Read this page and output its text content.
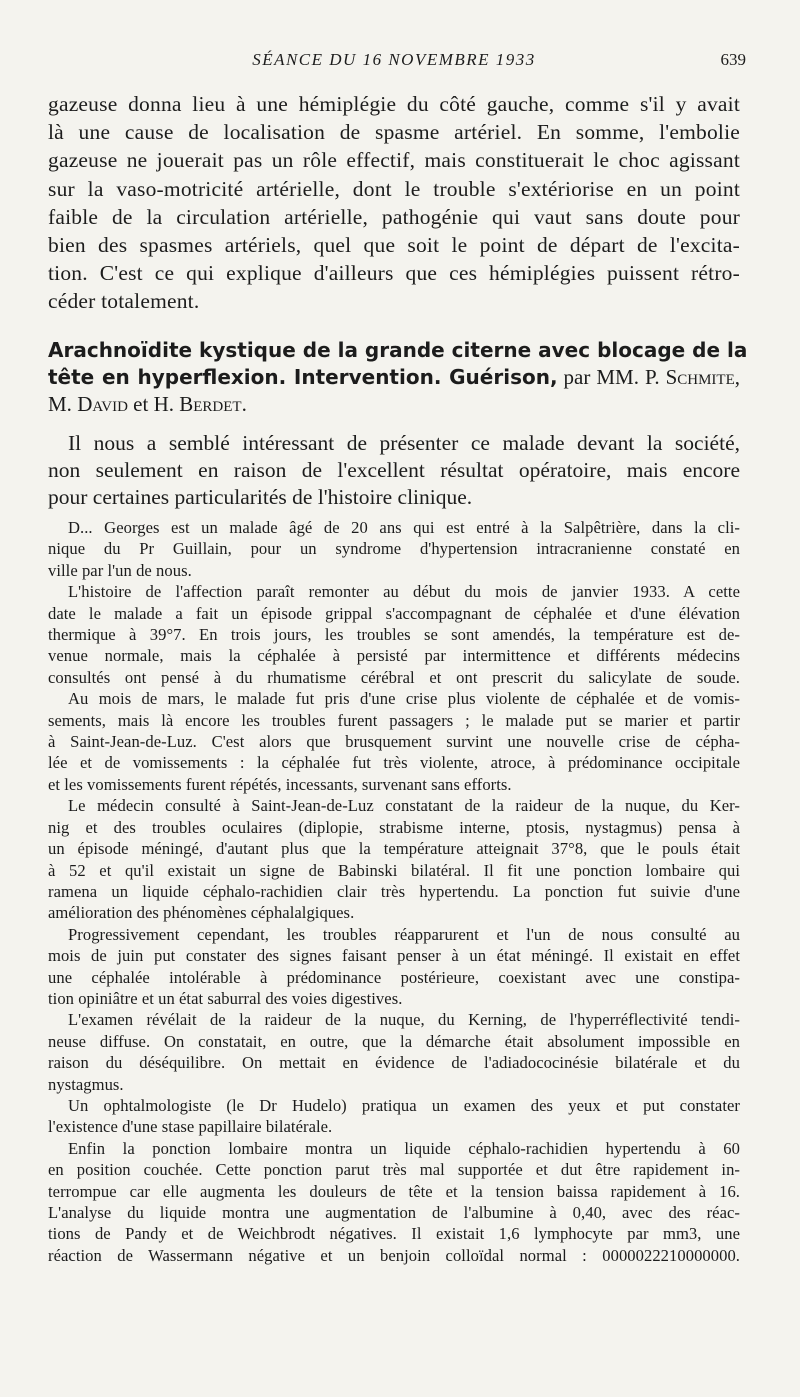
SÉANCE DU 16 NOVEMBRE 1933	639
gazeuse donna lieu à une hémiplégie du côté gauche, comme s'il y avait
là une cause de localisation de spasme artériel. En somme, l'embolie
gazeuse ne jouerait pas un rôle effectif, mais constituerait le choc agissant
sur la vaso-motricité artérielle, dont le trouble s'extériorise en un point
faible de la circulation artérielle, pathogénie qui vaut sans doute pour
bien des spasmes artériels, quel que soit le point de départ de l'excita-
tion. C'est ce qui explique d'ailleurs que ces hémiplégies puissent rétro-
céder totalement.
Arachnoïdite kystique de la grande citerne avec blocage de la
tête en hyperflexion. Intervention. Guérison, par MM. P. Schmite,
M. David et H. Berdet.
Il nous a semblé intéressant de présenter ce malade devant la société,
non seulement en raison de l'excellent résultat opératoire, mais encore
pour certaines particularités de l'histoire clinique.
D... Georges est un malade âgé de 20 ans qui est entré à la Salpêtrière, dans la cli-
nique du Pr Guillain, pour un syndrome d'hypertension intracranienne constaté en
ville par l'un de nous.
L'histoire de l'affection paraît remonter au début du mois de janvier 1933. A cette
date le malade a fait un épisode grippal s'accompagnant de céphalée et d'une élévation
thermique à 39°7. En trois jours, les troubles se sont amendés, la température est de-
venue normale, mais la céphalée à persisté par intermittence et différents médecins
consultés ont pensé à du rhumatisme cérébral et ont prescrit du salicylate de soude.
Au mois de mars, le malade fut pris d'une crise plus violente de céphalée et de vomis-
sements, mais là encore les troubles furent passagers ; le malade put se marier et partir
à Saint-Jean-de-Luz. C'est alors que brusquement survint une nouvelle crise de cépha-
lée et de vomissements : la céphalée fut très violente, atroce, à prédominance occipitale
et les vomissements furent répétés, incessants, survenant sans efforts.
Le médecin consulté à Saint-Jean-de-Luz constatant de la raideur de la nuque, du Ker-
nig et des troubles oculaires (diplopie, strabisme interne, ptosis, nystagmus) pensa à
un épisode méningé, d'autant plus que la température atteignait 37°8, que le pouls était
à 52 et qu'il existait un signe de Babinski bilatéral. Il fit une ponction lombaire qui
ramena un liquide céphalo-rachidien clair très hypertendu. La ponction fut suivie d'une
amélioration des phénomènes céphalalgiques.
Progressivement cependant, les troubles réapparurent et l'un de nous consulté au
mois de juin put constater des signes faisant penser à un état méningé. Il existait en effet
une céphalée intolérable à prédominance postérieure, coexistant avec une constipa-
tion opiniâtre et un état saburral des voies digestives.
L'examen révélait de la raideur de la nuque, du Kerning, de l'hyperréflectivité tendi-
neuse diffuse. On constatait, en outre, que la démarche était absolument impossible en
raison du déséquilibre. On mettait en évidence de l'adiadococinésie bilatérale et du
nystagmus.
Un ophtalmologiste (le Dr Hudelo) pratiqua un examen des yeux et put constater
l'existence d'une stase papillaire bilatérale.
Enfin la ponction lombaire montra un liquide céphalo-rachidien hypertendu à 60
en position couchée. Cette ponction parut très mal supportée et dut être rapidement in-
terrompue car elle augmenta les douleurs de tête et la tension baissa rapidement à 16.
L'analyse du liquide montra une augmentation de l'albumine à 0,40, avec des réac-
tions de Pandy et de Weichbrodt négatives. Il existait 1,6 lymphocyte par mm3, une
réaction de Wassermann négative et un benjoin colloïdal normal : 0000022210000000.
